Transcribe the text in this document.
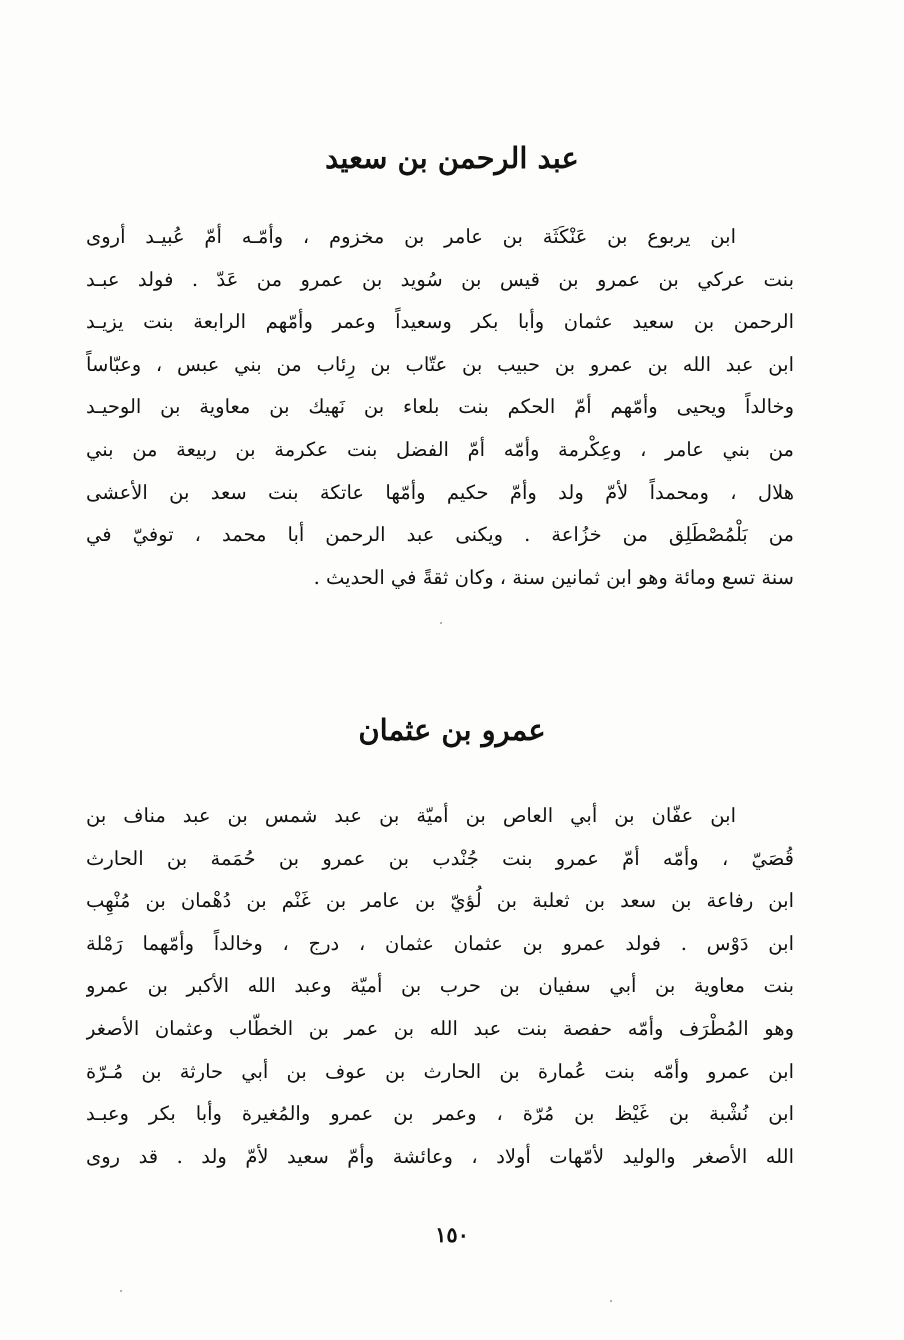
عبد الرحمن بن سعيد
ابن يربوع بن عَنْكَثَة بن عامر بن مخزوم ، وأمّـه أمّ عُبيـد أروى
بنت عركي بن عمرو بن قيس بن سُويد بن عمرو من عَدّ . فولد عبـد
الرحمن بن سعيد عثمان وأبا بكر وسعيداً وعمر وأمّهم الرابعة بنت يزيـد
ابن عبد الله بن عمرو بن حبيب بن عتّاب بن رِئاب من بني عبس ، وعبّاساً
وخالداً ويحيى وأمّهم أمّ الحكم بنت بلعاء بن نَهيك بن معاوية بن الوحيـد
من بني عامر ، وعِكْرمة وأمّه أمّ الفضل بنت عكرمة بن ربيعة من بني
هلال ، ومحمداً لأمّ ولد وأمّ حكيم وأمّها عاتكة بنت سعد بن الأعشى
من بَلْمُصْطَلِق من خزُاعة . ويكنى عبد الرحمن أبا محمد ، توفيّ في
سنة تسع ومائة وهو ابن ثمانين سنة ، وكان ثقةً في الحديث .
عمرو بن عثمان
ابن عفّان بن أبي العاص بن أميّة بن عبد شمس بن عبد مناف بن
قُصَيّ ، وأمّه أمّ عمرو بنت جُنْدب بن عمرو بن حُمَمة بن الحارث
ابن رفاعة بن سعد بن ثعلبة بن لُؤيّ بن عامر بن غَنْم بن دُهْمان بن مُنْهِب
ابن دَوْس . فولد عمرو بن عثمان عثمان ، درج ، وخالداً وأمّهما رَمْلة
بنت معاوية بن أبي سفيان بن حرب بن أميّة وعبد الله الأكبر بن عمرو
وهو المُطْرَف وأمّه حفصة بنت عبد الله بن عمر بن الخطّاب وعثمان الأصغر
ابن عمرو وأمّه بنت عُمارة بن الحارث بن عوف بن أبي حارثة بن مُـرّة
ابن نُشْبة بن غَيْظ بن مُرّة ، وعمر بن عمرو والمُغيرة وأبا بكر وعبـد
الله الأصغر والوليد لأمّهات أولاد ، وعائشة وأمّ سعيد لأمّ ولد . قد روى
١٥٠
